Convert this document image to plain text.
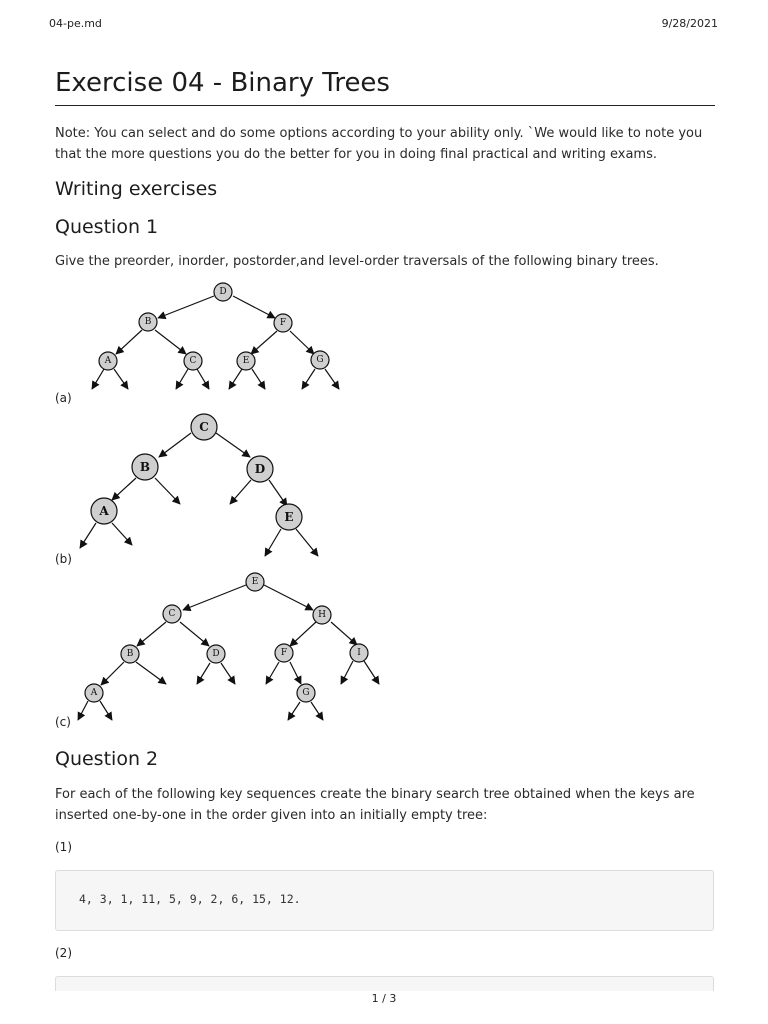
04-pe.md	9/28/2021
Exercise 04 - Binary Trees

Note: You can select and do some options according to your ability only. `We would like to note you that the more questions you do the better for you in doing final practical and writing exams.

Writing exercises
Question 1

Give the preorder, inorder, postorder,and level-order traversals of the following binary trees.

D
B	F
A	C	E	G
(a)
C
B	D
A	E
(b)
E
C	H
B	D	F	I
A	G
(c)
Question 2

For each of the following key sequences create the binary search tree obtained when the keys are inserted one-by-one in the order given into an initially empty tree:

(1)
4, 3, 1, 11, 5, 9, 2, 6, 15, 12.
(2)
1 / 3
